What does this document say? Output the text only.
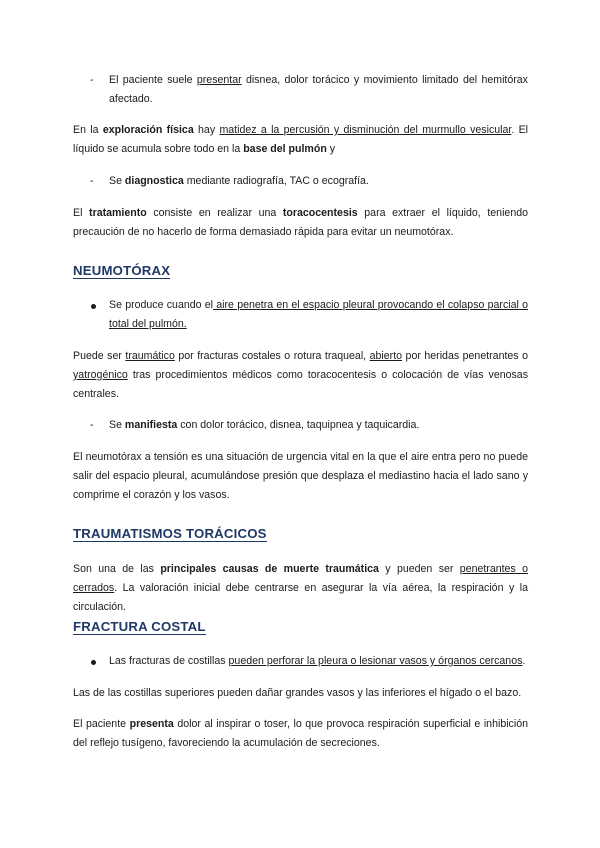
- El paciente suele presentar disnea, dolor torácico y movimiento limitado del hemitórax afectado.

En la exploración física hay matidez a la percusión y disminución del murmullo vesicular. El líquido se acumula sobre todo en la base del pulmón y

- Se diagnostica mediante radiografía, TAC o ecografía.

El tratamiento consiste en realizar una toracocentesis para extraer el líquido, teniendo precaución de no hacerlo de forma demasiado rápida para evitar un neumotórax.

NEUMOTÓRAX

Se produce cuando el aire penetra en el espacio pleural provocando el colapso parcial o total del pulmón.

Puede ser traumático por fracturas costales o rotura traqueal, abierto por heridas penetrantes o yatrogénico tras procedimientos médicos como toracocentesis o colocación de vías venosas centrales.

- Se manifiesta con dolor torácico, disnea, taquipnea y taquicardia.

El neumotórax a tensión es una situación de urgencia vital en la que el aire entra pero no puede salir del espacio pleural, acumulándose presión que desplaza el mediastino hacia el lado sano y comprime el corazón y los vasos.

TRAUMATISMOS TORÁCICOS

Son una de las principales causas de muerte traumática y pueden ser penetrantes o cerrados. La valoración inicial debe centrarse en asegurar la vía aérea, la respiración y la circulación.

FRACTURA COSTAL

Las fracturas de costillas pueden perforar la pleura o lesionar vasos y órganos cercanos.

Las de las costillas superiores pueden dañar grandes vasos y las inferiores el hígado o el bazo.

El paciente presenta dolor al inspirar o toser, lo que provoca respiración superficial e inhibición del reflejo tusígeno, favoreciendo la acumulación de secreciones.
